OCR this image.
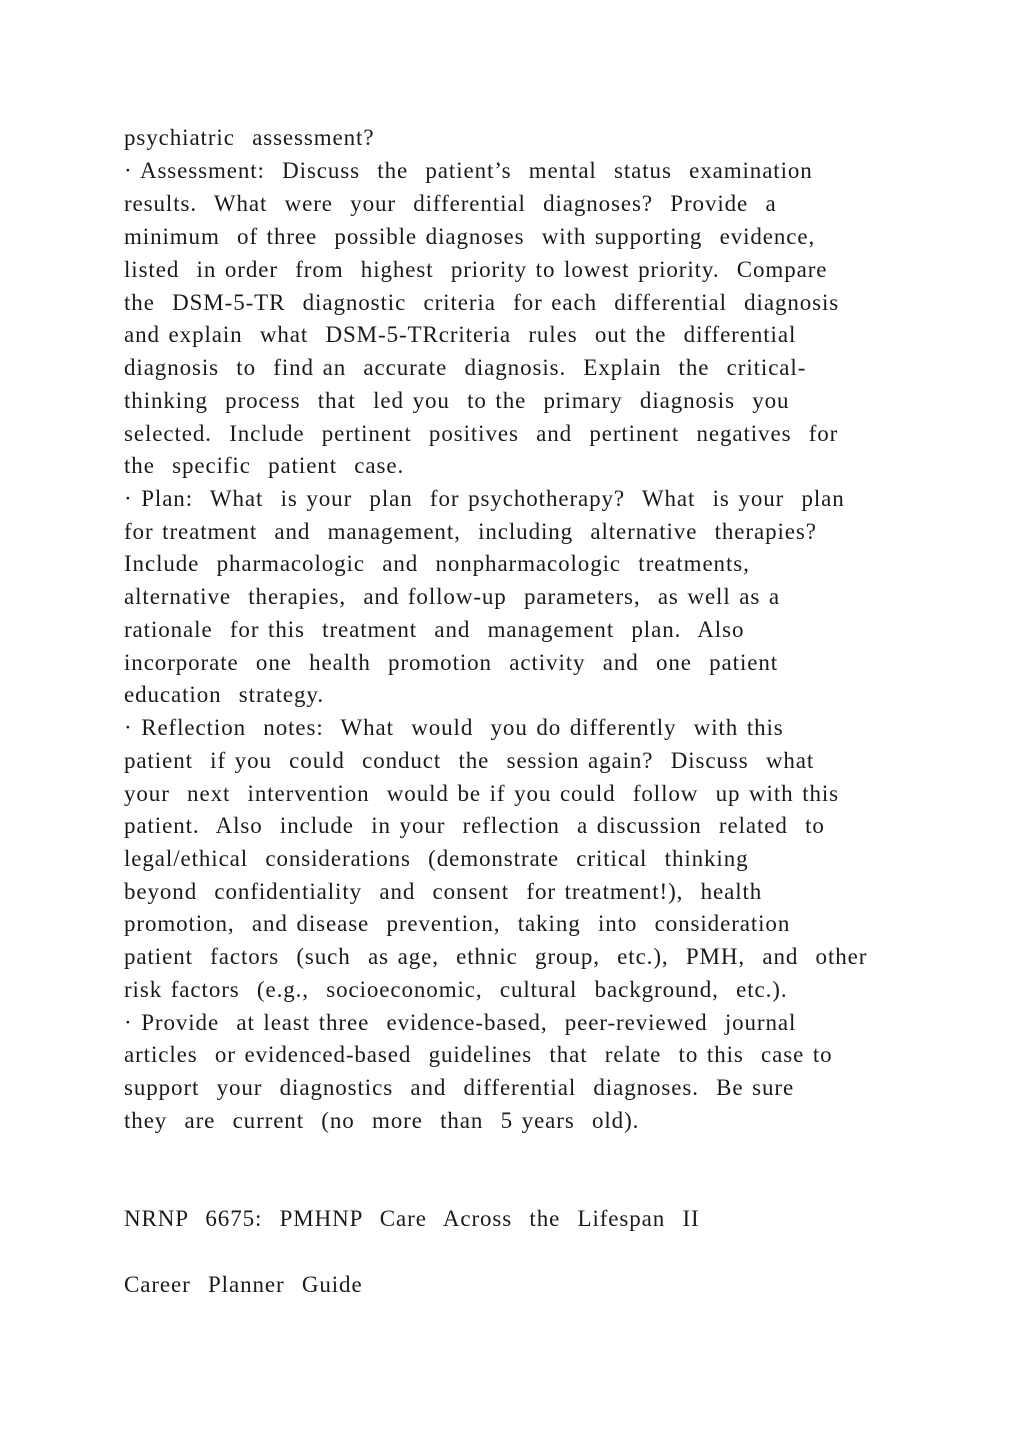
psychiatric  assessment?
· Assessment:  Discuss  the  patient’s  mental  status  examination
results.  What  were  your  differential  diagnoses?  Provide  a
minimum  of three  possible diagnoses  with supporting  evidence,
listed  in order  from  highest  priority to lowest priority.  Compare
the  DSM-5-TR  diagnostic  criteria  for each  differential  diagnosis
and explain  what  DSM-5-TRcriteria  rules  out the  differential
diagnosis  to  find an  accurate  diagnosis.  Explain  the  critical-
thinking  process  that  led you  to the  primary  diagnosis  you
selected.  Include  pertinent  positives  and  pertinent  negatives  for
the  specific  patient  case.
· Plan:  What  is your  plan  for psychotherapy?  What  is your  plan
for treatment  and  management,  including  alternative  therapies?
Include  pharmacologic  and  nonpharmacologic  treatments,
alternative  therapies,  and follow-up  parameters,  as well as a
rationale  for this  treatment  and  management  plan.  Also
incorporate  one  health  promotion  activity  and  one  patient
education  strategy.
· Reflection  notes:  What  would  you do differently  with this
patient  if you  could  conduct  the  session again?  Discuss  what
your  next  intervention  would be if you could  follow  up with this
patient.  Also  include  in your  reflection  a discussion  related  to
legal/ethical  considerations  (demonstrate  critical  thinking
beyond  confidentiality  and  consent  for treatment!),  health
promotion,  and disease  prevention,  taking  into  consideration
patient  factors  (such  as age,  ethnic  group,  etc.),  PMH,  and  other
risk factors  (e.g.,  socioeconomic,  cultural  background,  etc.).
· Provide  at least three  evidence-based,  peer-reviewed  journal
articles  or evidenced-based  guidelines  that  relate  to this  case to
support  your  diagnostics  and  differential  diagnoses.  Be sure
they  are  current  (no  more  than  5 years  old).
NRNP  6675:  PMHNP  Care  Across  the  Lifespan  II
Career  Planner  Guide
